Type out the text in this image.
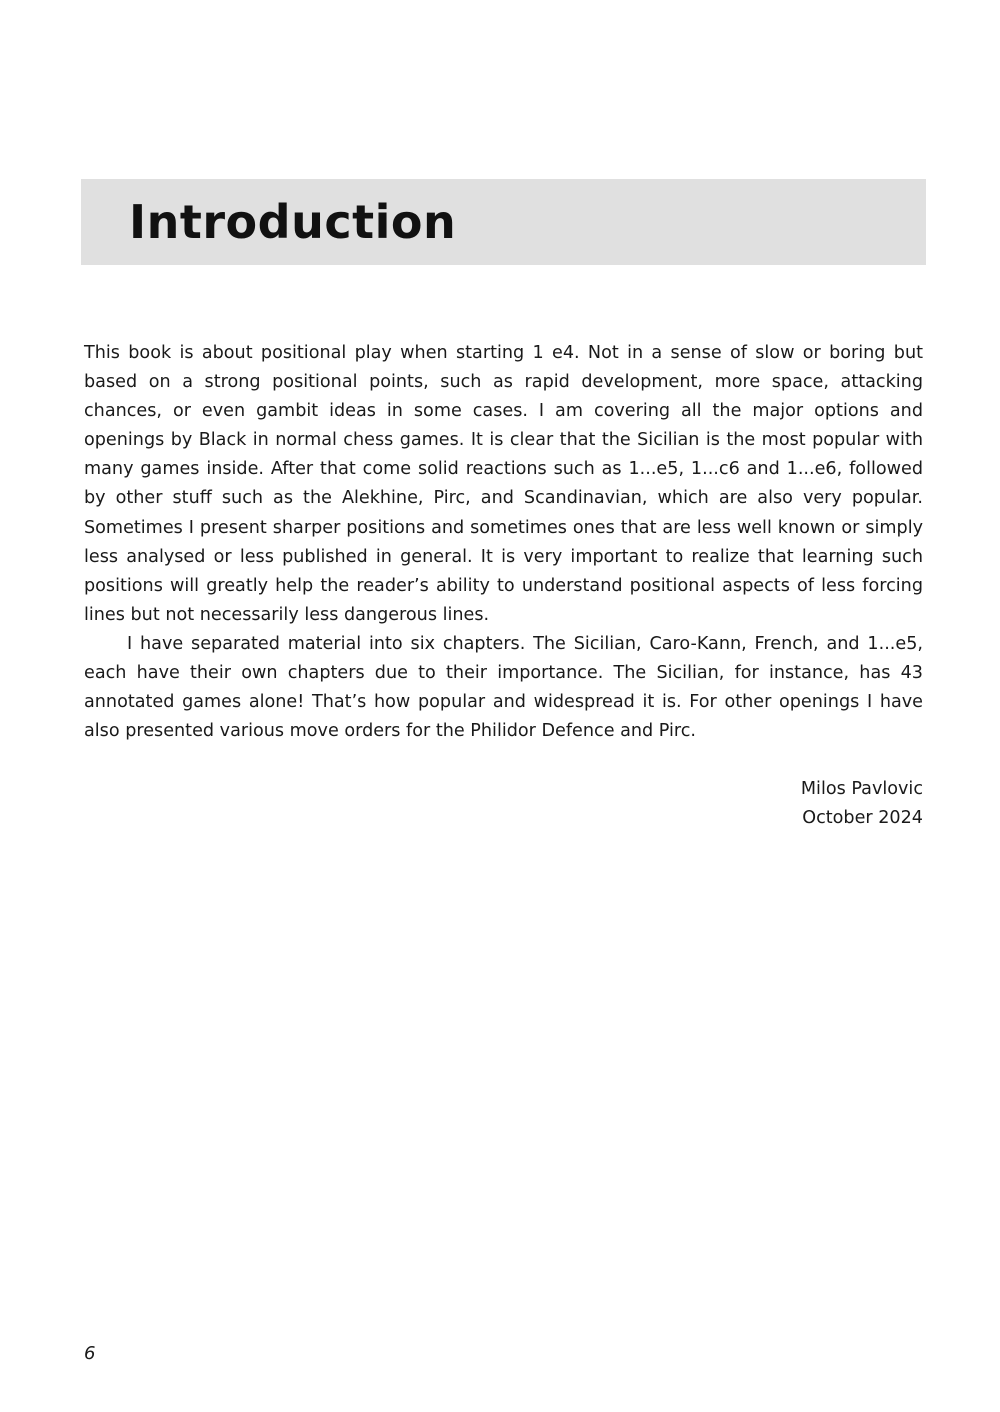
Introduction

This book is about positional play when starting 1 e4. Not in a sense of slow or boring but based on a strong positional points, such as rapid development, more space, attacking chances, or even gambit ideas in some cases. I am covering all the major options and openings by Black in normal chess games. It is clear that the Sicilian is the most popular with many games inside. After that come solid reactions such as 1...e5, 1...c6 and 1...e6, followed by other stuff such as the Alekhine, Pirc, and Scandinavian, which are also very popular. Sometimes I present sharper positions and sometimes ones that are less well known or simply less analysed or less published in general. It is very important to realize that learning such positions will greatly help the reader’s ability to understand positional aspects of less forcing lines but not necessarily less dangerous lines.

I have separated material into six chapters. The Sicilian, Caro-Kann, French, and 1...e5, each have their own chapters due to their importance. The Sicilian, for instance, has 43 annotated games alone! That’s how popular and widespread it is. For other openings I have also presented various move orders for the Philidor Defence and Pirc.

Milos Pavlovic
October 2024
6
